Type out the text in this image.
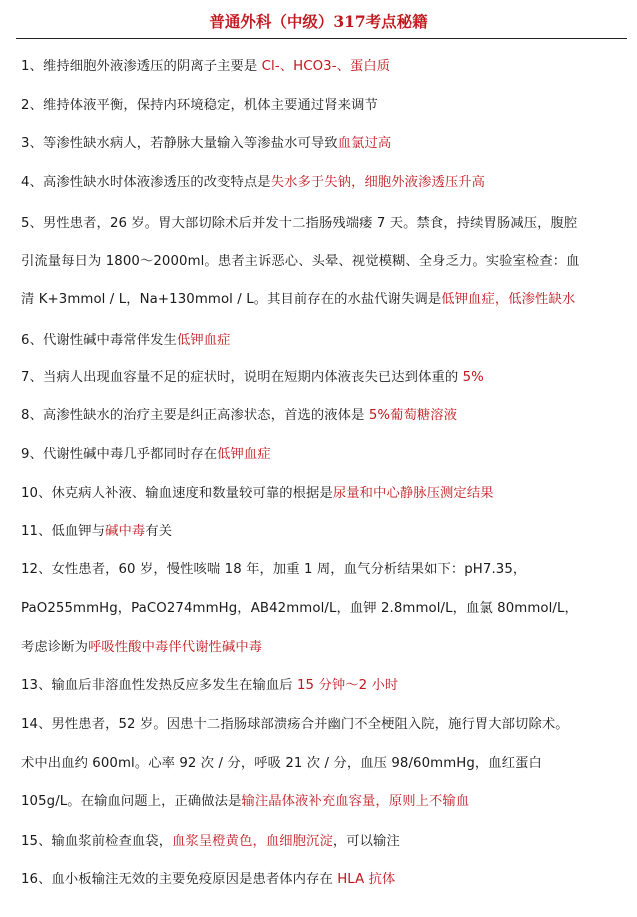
普通外科（中级）317考点秘籍
1、维持细胞外液渗透压的阴离子主要是 Cl-、HCO3-、蛋白质
2、维持体液平衡，保持内环境稳定，机体主要通过肾来调节
3、等渗性缺水病人，若静脉大量输入等渗盐水可导致血氯过高
4、高渗性缺水时体液渗透压的改变特点是失水多于失钠，细胞外液渗透压升高
5、男性患者，26 岁。胃大部切除术后并发十二指肠残端瘘 7 天。禁食，持续胃肠减压，腹腔
引流量每日为 1800～2000ml。患者主诉恶心、头晕、视觉模糊、全身乏力。实验室检查：血
清 K+3mmol / L，Na+130mmol / L。其目前存在的水盐代谢失调是低钾血症，低渗性缺水
6、代谢性碱中毒常伴发生低钾血症
7、当病人出现血容量不足的症状时，说明在短期内体液丧失已达到体重的 5%
8、高渗性缺水的治疗主要是纠正高渗状态，首选的液体是 5%葡萄糖溶液
9、代谢性碱中毒几乎都同时存在低钾血症
10、休克病人补液、输血速度和数量较可靠的根据是尿量和中心静脉压测定结果
11、低血钾与碱中毒有关
12、女性患者，60 岁，慢性咳喘 18 年，加重 1 周，血气分析结果如下：pH7.35，
PaO255mmHg，PaCO274mmHg，AB42mmol/L，血钾 2.8mmol/L，血氯 80mmol/L，
考虑诊断为呼吸性酸中毒伴代谢性碱中毒
13、输血后非溶血性发热反应多发生在输血后 15 分钟～2 小时
14、男性患者，52 岁。因患十二指肠球部溃疡合并幽门不全梗阻入院，施行胃大部切除术。
术中出血约 600ml。心率 92 次 / 分，呼吸 21 次 / 分，血压 98/60mmHg，血红蛋白
105g/L。在输血问题上，正确做法是输注晶体液补充血容量，原则上不输血
15、输血浆前检查血袋，血浆呈橙黄色，血细胞沉淀，可以输注
16、血小板输注无效的主要免疫原因是患者体内存在 HLA 抗体
